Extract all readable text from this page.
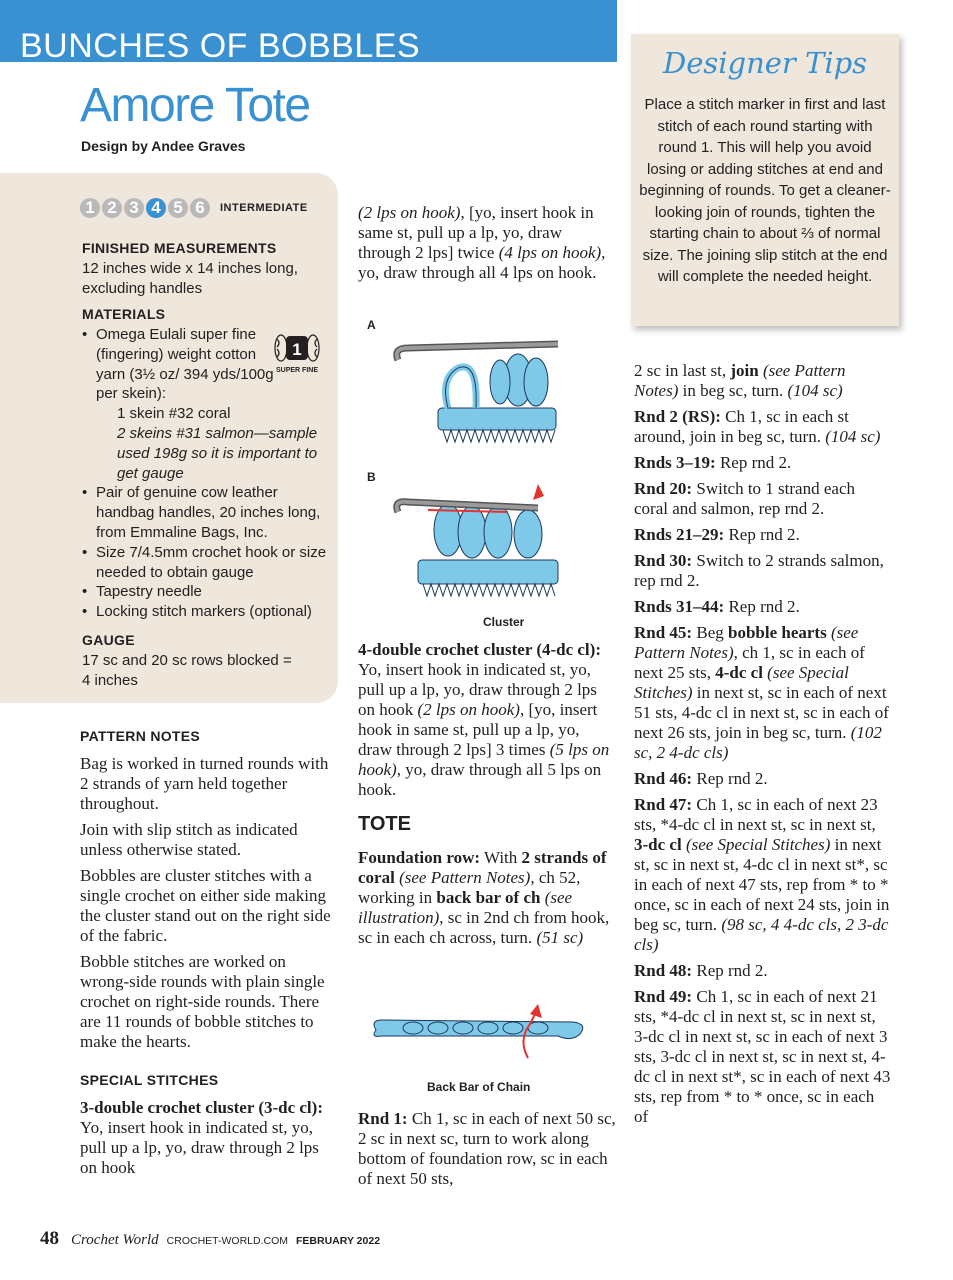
BUNCHES OF BOBBLES
Amore Tote
Design by Andee Graves
Designer Tips
Place a stitch marker in first and last stitch of each round starting with round 1. This will help you avoid losing or adding stitches at end and beginning of rounds. To get a cleaner-looking join of rounds, tighten the starting chain to about ⅔ of normal size. The joining slip stitch at the end will complete the needed height.
1 2 3 4 5 6	INTERMEDIATE
FINISHED MEASUREMENTS
12 inches wide x 14 inches long, excluding handles
MATERIALS
• Omega Eulali super fine (fingering) weight cotton yarn (3½ oz/ 394 yds/100g per skein):
1 skein #32 coral
2 skeins #31 salmon—sample used 198g so it is important to get gauge
• Pair of genuine cow leather handbag handles, 20 inches long, from Emmaline Bags, Inc.
• Size 7/4.5mm crochet hook or size needed to obtain gauge
• Tapestry needle
• Locking stitch markers (optional)
1
SUPER FINE
GAUGE
17 sc and 20 sc rows blocked = 4 inches

PATTERN NOTES

Bag is worked in turned rounds with 2 strands of yarn held together throughout.

Join with slip stitch as indicated unless otherwise stated.

Bobbles are cluster stitches with a single crochet on either side making the cluster stand out on the right side of the fabric.

Bobble stitches are worked on wrong-side rounds with plain single crochet on right-side rounds. There are 11 rounds of bobble stitches to make the hearts.

SPECIAL STITCHES

3-double crochet cluster (3-dc cl): Yo, insert hook in indicated st, yo, pull up a lp, yo, draw through 2 lps on hook

(2 lps on hook), [yo, insert hook in same st, pull up a lp, yo, draw through 2 lps] twice (4 lps on hook), yo, draw through all 4 lps on hook.

A
B
Cluster

4-double crochet cluster (4-dc cl): Yo, insert hook in indicated st, yo, pull up a lp, yo, draw through 2 lps on hook (2 lps on hook), [yo, insert hook in same st, pull up a lp, yo, draw through 2 lps] 3 times (5 lps on hook), yo, draw through all 5 lps on hook.

TOTE

Foundation row: With 2 strands of coral (see Pattern Notes), ch 52, working in back bar of ch (see illustration), sc in 2nd ch from hook, sc in each ch across, turn. (51 sc)

Back Bar of Chain

Rnd 1: Ch 1, sc in each of next 50 sc, 2 sc in next sc, turn to work along bottom of foundation row, sc in each of next 50 sts,

2 sc in last st, join (see Pattern Notes) in beg sc, turn. (104 sc)

Rnd 2 (RS): Ch 1, sc in each st around, join in beg sc, turn. (104 sc)

Rnds 3–19: Rep rnd 2.

Rnd 20: Switch to 1 strand each coral and salmon, rep rnd 2.

Rnds 21–29: Rep rnd 2.

Rnd 30: Switch to 2 strands salmon, rep rnd 2.

Rnds 31–44: Rep rnd 2.

Rnd 45: Beg bobble hearts (see Pattern Notes), ch 1, sc in each of next 25 sts, 4-dc cl (see Special Stitches) in next st, sc in each of next 51 sts, 4-dc cl in next st, sc in each of next 26 sts, join in beg sc, turn. (102 sc, 2 4-dc cls)

Rnd 46: Rep rnd 2.

Rnd 47: Ch 1, sc in each of next 23 sts, *4-dc cl in next st, sc in next st, 3-dc cl (see Special Stitches) in next st, sc in next st, 4-dc cl in next st*, sc in each of next 47 sts, rep from * to * once, sc in each of next 24 sts, join in beg sc, turn. (98 sc, 4 4-dc cls, 2 3-dc cls)

Rnd 48: Rep rnd 2.

Rnd 49: Ch 1, sc in each of next 21 sts, *4-dc cl in next st, sc in next st, 3-dc cl in next st, sc in each of next 3 sts, 3-dc cl in next st, sc in next st, 4-dc cl in next st*, sc in each of next 43 sts, rep from * to * once, sc in each of

48 Crochet World CROCHET-WORLD.COM FEBRUARY 2022
